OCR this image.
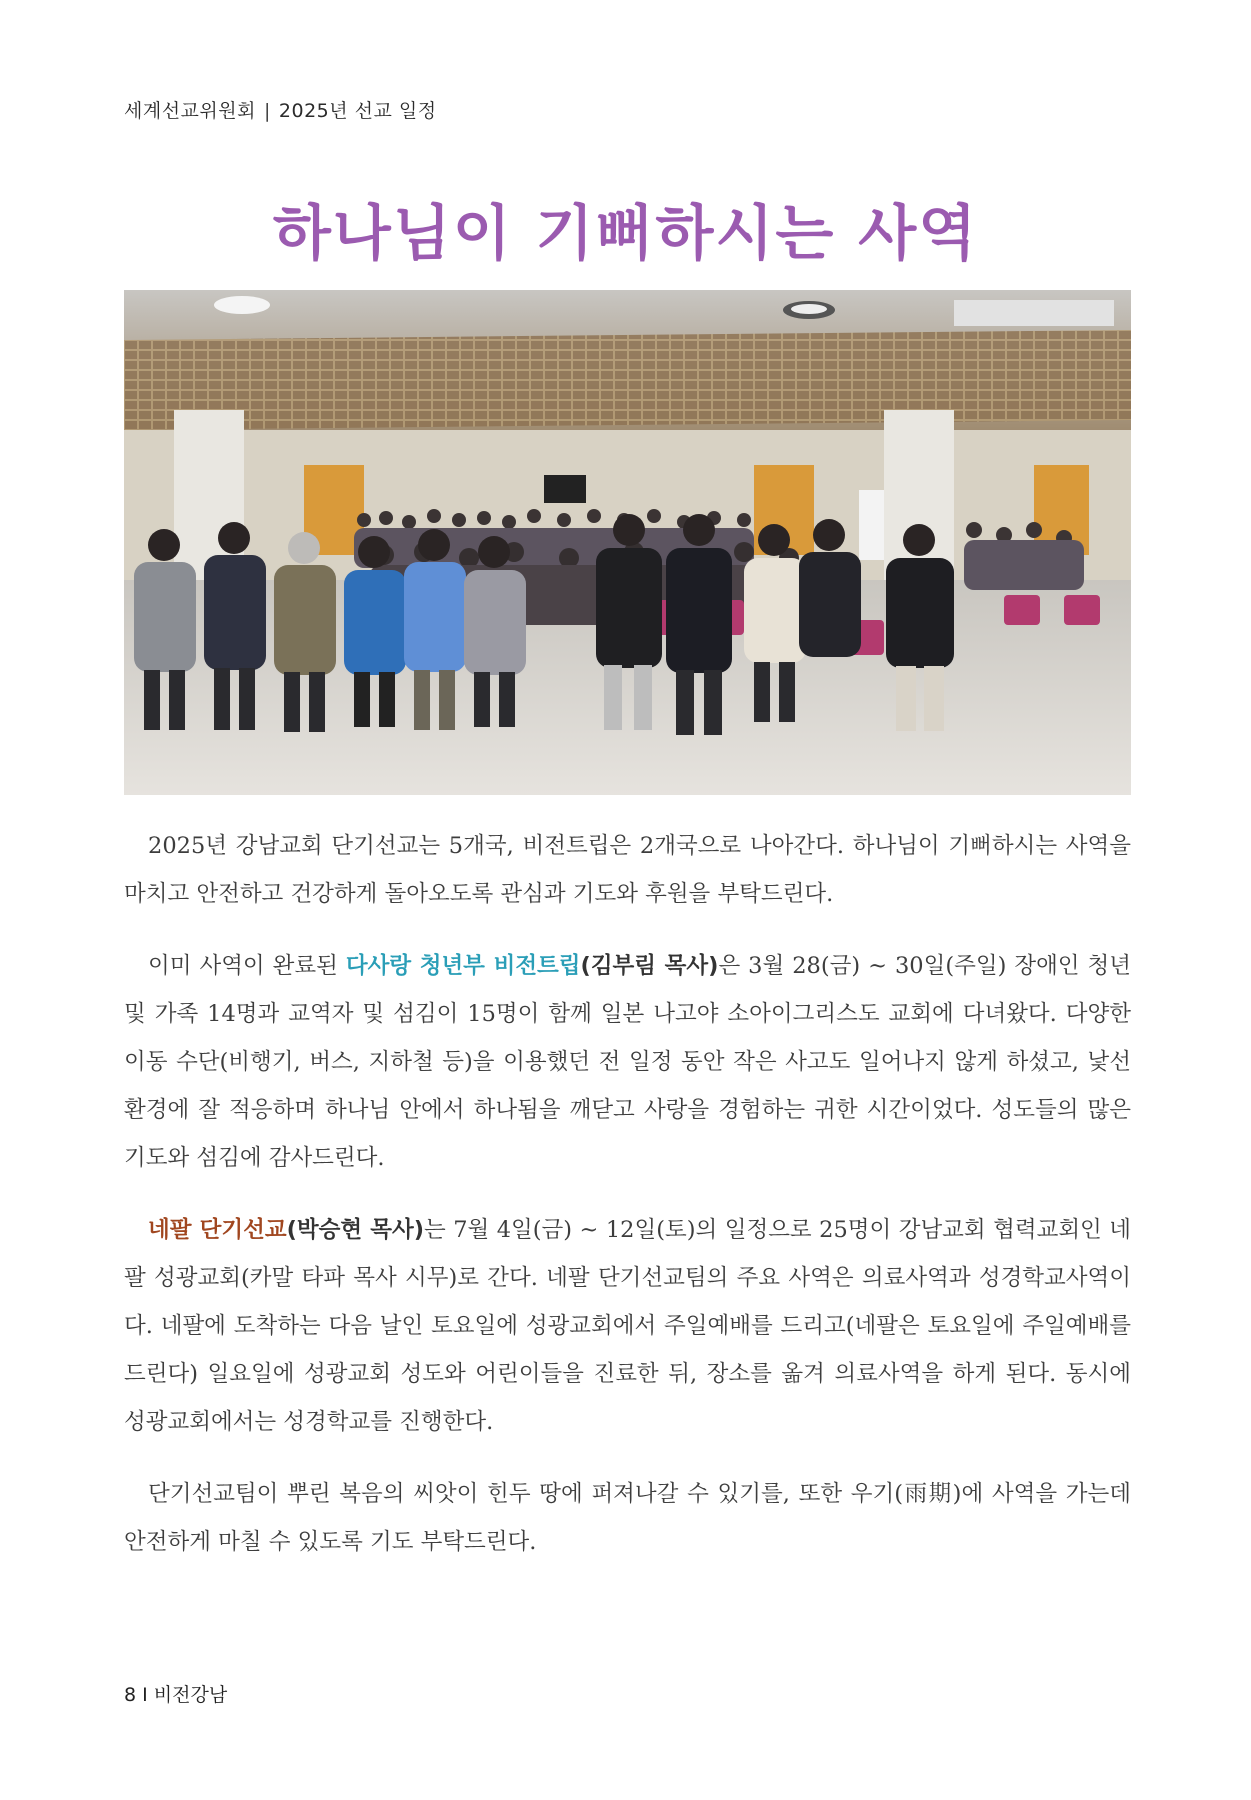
세계선교위원회 | 2025년 선교 일정
하나님이 기뻐하시는 사역

2025년 강남교회 단기선교는 5개국, 비전트립은 2개국으로 나아간다. 하나님이 기뻐하시는 사역을 마치고 안전하고 건강하게 돌아오도록 관심과 기도와 후원을 부탁드린다.

이미 사역이 완료된 다사랑 청년부 비전트립(김부림 목사)은 3월 28(금) ~ 30일(주일) 장애인 청년 및 가족 14명과 교역자 및 섬김이 15명이 함께 일본 나고야 소아이그리스도 교회에 다녀왔다. 다양한 이동 수단(비행기, 버스, 지하철 등)을 이용했던 전 일정 동안 작은 사고도 일어나지 않게 하셨고, 낯선 환경에 잘 적응하며 하나님 안에서 하나됨을 깨닫고 사랑을 경험하는 귀한 시간이었다. 성도들의 많은 기도와 섬김에 감사드린다.

네팔 단기선교(박승현 목사)는 7월 4일(금) ~ 12일(토)의 일정으로 25명이 강남교회 협력교회인 네팔 성광교회(카말 타파 목사 시무)로 간다. 네팔 단기선교팀의 주요 사역은 의료사역과 성경학교사역이다. 네팔에 도착하는 다음 날인 토요일에 성광교회에서 주일예배를 드리고(네팔은 토요일에 주일예배를 드린다) 일요일에 성광교회 성도와 어린이들을 진료한 뒤, 장소를 옮겨 의료사역을 하게 된다. 동시에 성광교회에서는 성경학교를 진행한다.

단기선교팀이 뿌린 복음의 씨앗이 힌두 땅에 퍼져나갈 수 있기를, 또한 우기(雨期)에 사역을 가는데 안전하게 마칠 수 있도록 기도 부탁드린다.

8 I 비전강남
